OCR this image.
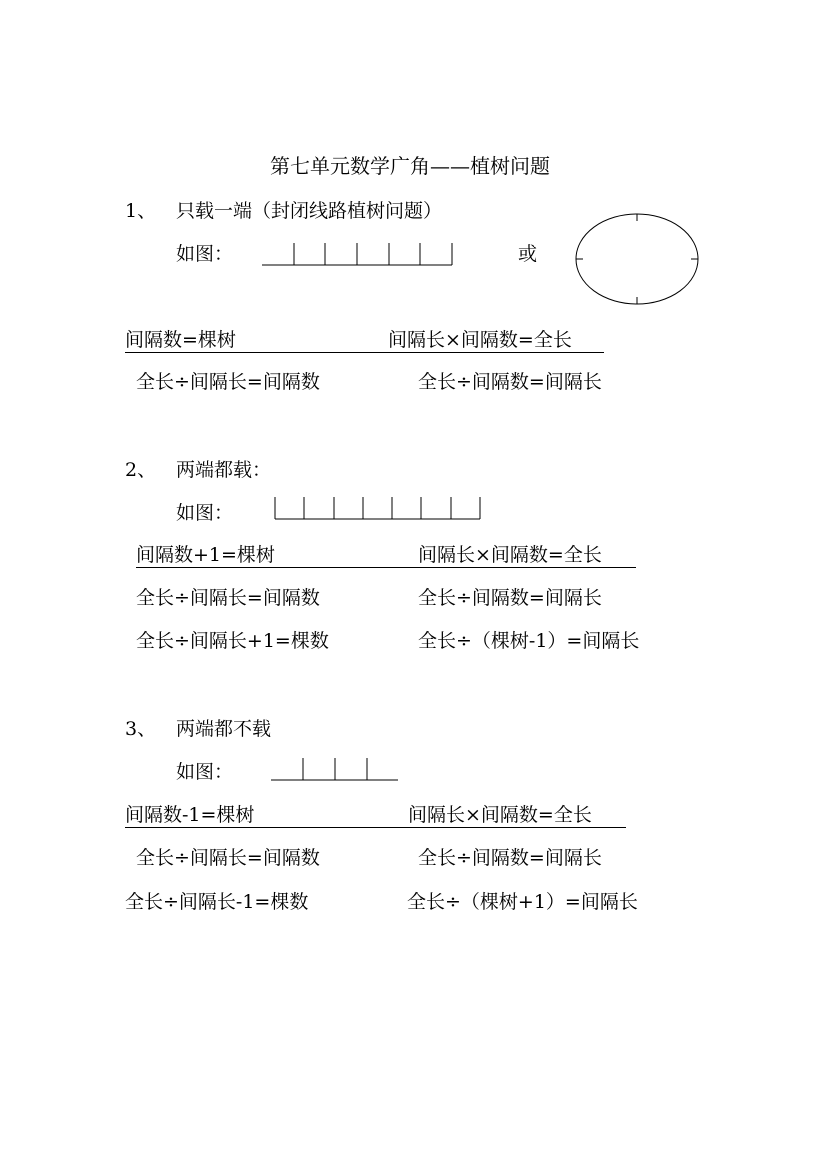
第七单元数学广角——植树问题
1、 只载一端（封闭线路植树问题）
如图：	或
间隔数=棵树	间隔长×间隔数=全长
全长÷间隔长=间隔数	全长÷间隔数=间隔长
2、 两端都载：
如图：
间隔数+1=棵树	间隔长×间隔数=全长
全长÷间隔长=间隔数	全长÷间隔数=间隔长
全长÷间隔长+1=棵数	全长÷（棵树-1）=间隔长
3、 两端都不载
如图：
间隔数-1=棵树	间隔长×间隔数=全长
全长÷间隔长=间隔数	全长÷间隔数=间隔长
全长÷间隔长-1=棵数	全长÷（棵树+1）=间隔长
